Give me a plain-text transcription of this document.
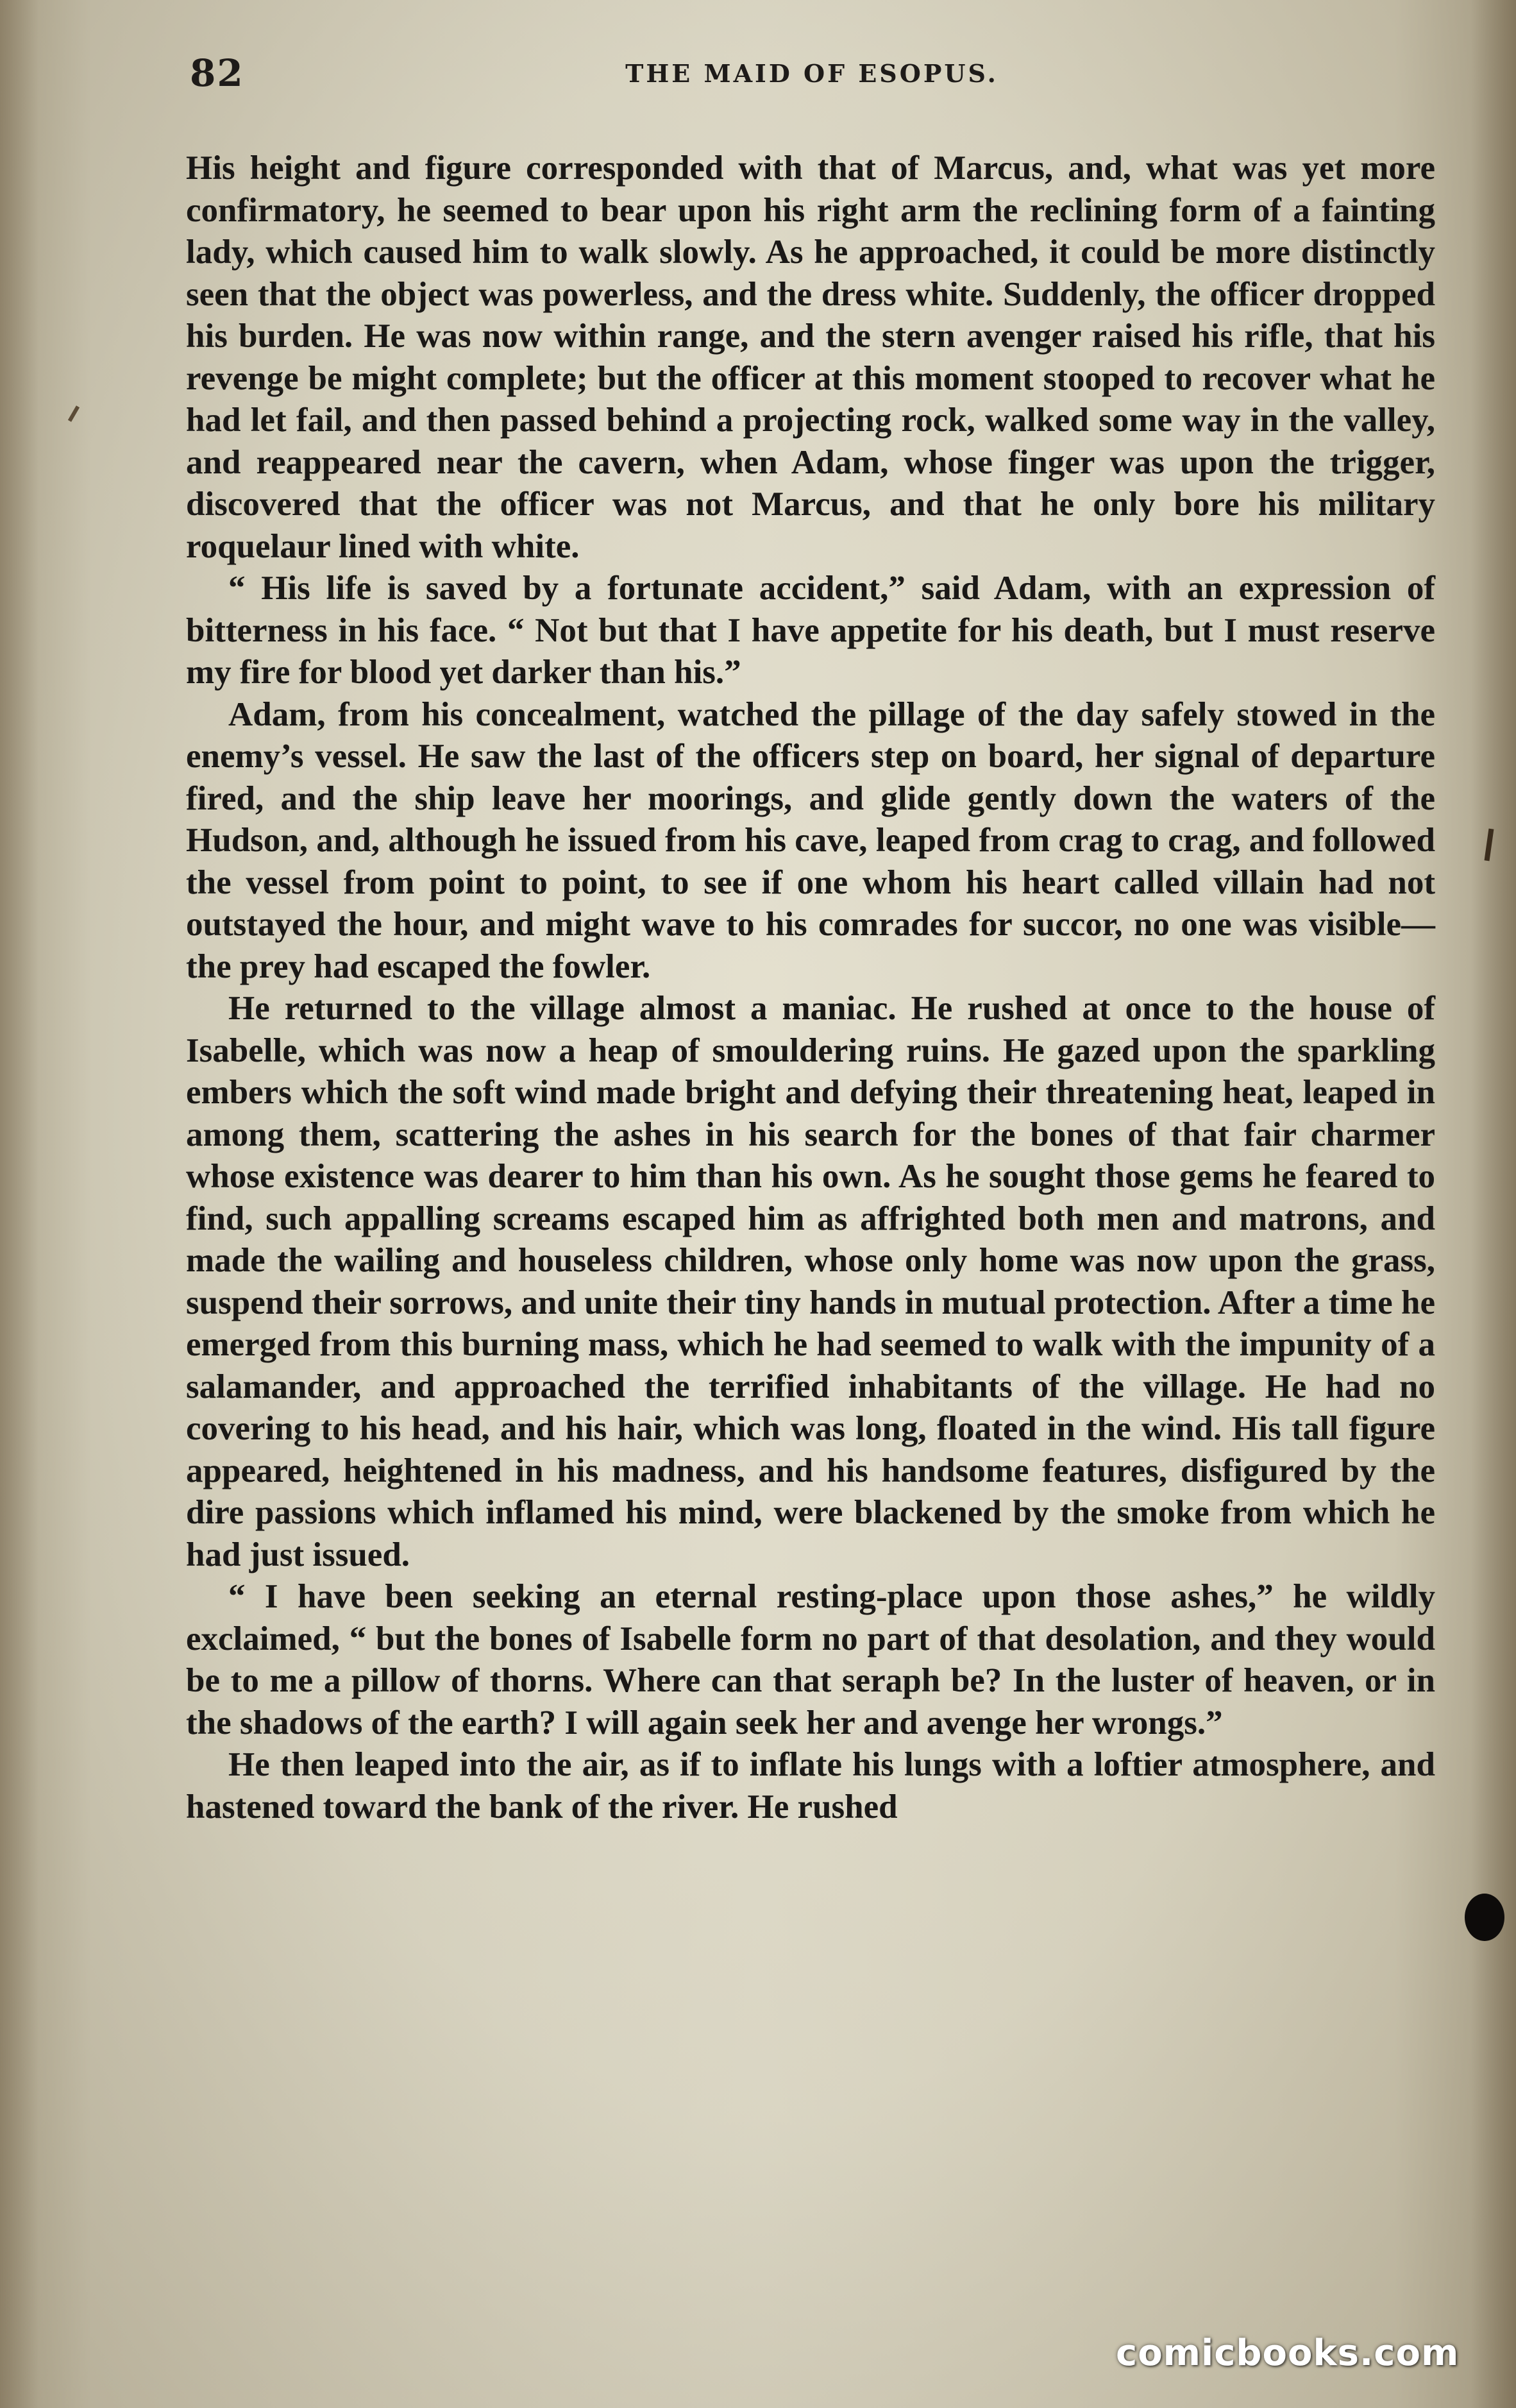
82	THE MAID OF ESOPUS.

His height and figure corresponded with that of Marcus, and, what was yet more confirmatory, he seemed to bear upon his right arm the reclining form of a fainting lady, which caused him to walk slowly. As he approached, it could be more distinctly seen that the object was powerless, and the dress white. Suddenly, the officer dropped his burden. He was now within range, and the stern avenger raised his rifle, that his revenge be might complete; but the officer at this moment stooped to recover what he had let fail, and then passed behind a projecting rock, walked some way in the valley, and reappeared near the cavern, when Adam, whose finger was upon the trigger, discovered that the officer was not Marcus, and that he only bore his military roquelaur lined with white.

“ His life is saved by a fortunate accident,” said Adam, with an expression of bitterness in his face. “ Not but that I have appetite for his death, but I must reserve my fire for blood yet darker than his.”

Adam, from his concealment, watched the pillage of the day safely stowed in the enemy’s vessel. He saw the last of the officers step on board, her signal of departure fired, and the ship leave her moorings, and glide gently down the waters of the Hudson, and, although he issued from his cave, leaped from crag to crag, and followed the vessel from point to point, to see if one whom his heart called villain had not outstayed the hour, and might wave to his comrades for succor, no one was visible—the prey had escaped the fowler.

He returned to the village almost a maniac. He rushed at once to the house of Isabelle, which was now a heap of smouldering ruins. He gazed upon the sparkling embers which the soft wind made bright and defying their threatening heat, leaped in among them, scattering the ashes in his search for the bones of that fair charmer whose existence was dearer to him than his own. As he sought those gems he feared to find, such appalling screams escaped him as affrighted both men and matrons, and made the wailing and houseless children, whose only home was now upon the grass, suspend their sorrows, and unite their tiny hands in mutual protection. After a time he emerged from this burning mass, which he had seemed to walk with the impunity of a salamander, and approached the terrified inhabitants of the village. He had no covering to his head, and his hair, which was long, floated in the wind. His tall figure appeared, heightened in his madness, and his handsome features, disfigured by the dire passions which inflamed his mind, were blackened by the smoke from which he had just issued.

“ I have been seeking an eternal resting-place upon those ashes,” he wildly exclaimed, “ but the bones of Isabelle form no part of that desolation, and they would be to me a pillow of thorns. Where can that seraph be? In the luster of heaven, or in the shadows of the earth? I will again seek her and avenge her wrongs.”

He then leaped into the air, as if to inflate his lungs with a loftier atmosphere, and hastened toward the bank of the river. He rushed

comicbooks.com
